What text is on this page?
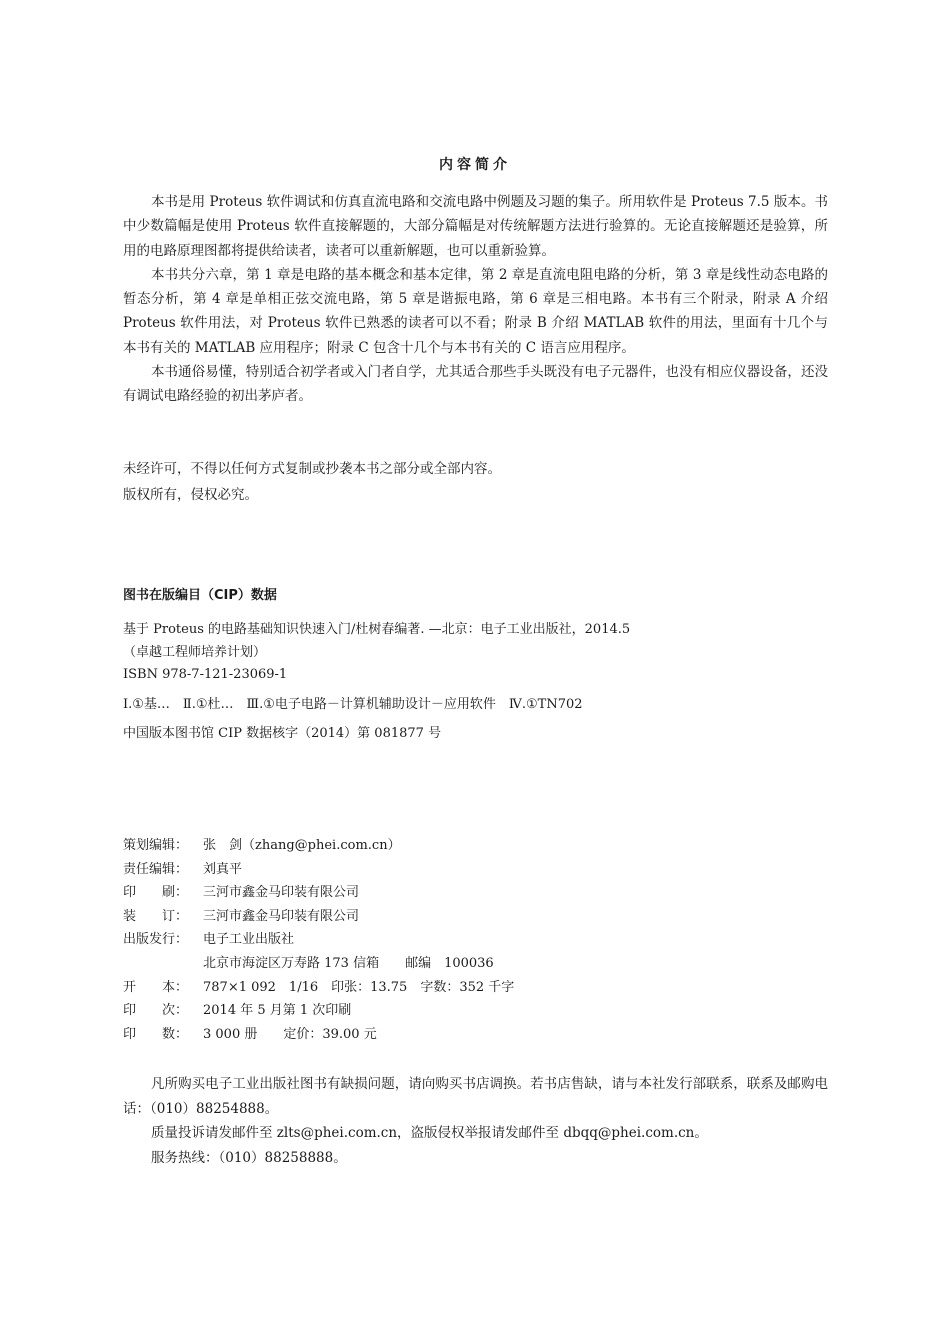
内容简介

本书是用 Proteus 软件调试和仿真直流电路和交流电路中例题及习题的集子。所用软件是 Proteus 7.5 版本。书中少数篇幅是使用 Proteus 软件直接解题的，大部分篇幅是对传统解题方法进行验算的。无论直接解题还是验算，所用的电路原理图都将提供给读者，读者可以重新解题，也可以重新验算。

本书共分六章，第 1 章是电路的基本概念和基本定律，第 2 章是直流电阻电路的分析，第 3 章是线性动态电路的暂态分析，第 4 章是单相正弦交流电路，第 5 章是谐振电路，第 6 章是三相电路。本书有三个附录，附录 A 介绍 Proteus 软件用法，对 Proteus 软件已熟悉的读者可以不看；附录 B 介绍 MATLAB 软件的用法，里面有十几个与本书有关的 MATLAB 应用程序；附录 C 包含十几个与本书有关的 C 语言应用程序。

本书通俗易懂，特别适合初学者或入门者自学，尤其适合那些手头既没有电子元器件，也没有相应仪器设备，还没有调试电路经验的初出茅庐者。

未经许可，不得以任何方式复制或抄袭本书之部分或全部内容。
版权所有，侵权必究。
图书在版编目（CIP）数据
基于 Proteus 的电路基础知识快速入门/杜树春编著. —北京：电子工业出版社，2014.5
（卓越工程师培养计划）
ISBN 978-7-121-23069-1
Ⅰ.①基…　Ⅱ.①杜…　Ⅲ.①电子电路－计算机辅助设计－应用软件　Ⅳ.①TN702
中国版本图书馆 CIP 数据核字（2014）第 081877 号
策划编辑： 张　剑（zhang@phei.com.cn）
责任编辑： 刘真平
印　　刷： 三河市鑫金马印装有限公司
装　　订： 三河市鑫金马印装有限公司
出版发行： 电子工业出版社
北京市海淀区万寿路 173 信箱　　邮编　100036
开　　本： 787×1 092　1/16　印张：13.75　字数：352 千字
印　　次： 2014 年 5 月第 1 次印刷
印　　数： 3 000 册　　定价：39.00 元

凡所购买电子工业出版社图书有缺损问题，请向购买书店调换。若书店售缺，请与本社发行部联系，联系及邮购电话：（010）88254888。

质量投诉请发邮件至 zlts@phei.com.cn，盗版侵权举报请发邮件至 dbqq@phei.com.cn。

服务热线：（010）88258888。
